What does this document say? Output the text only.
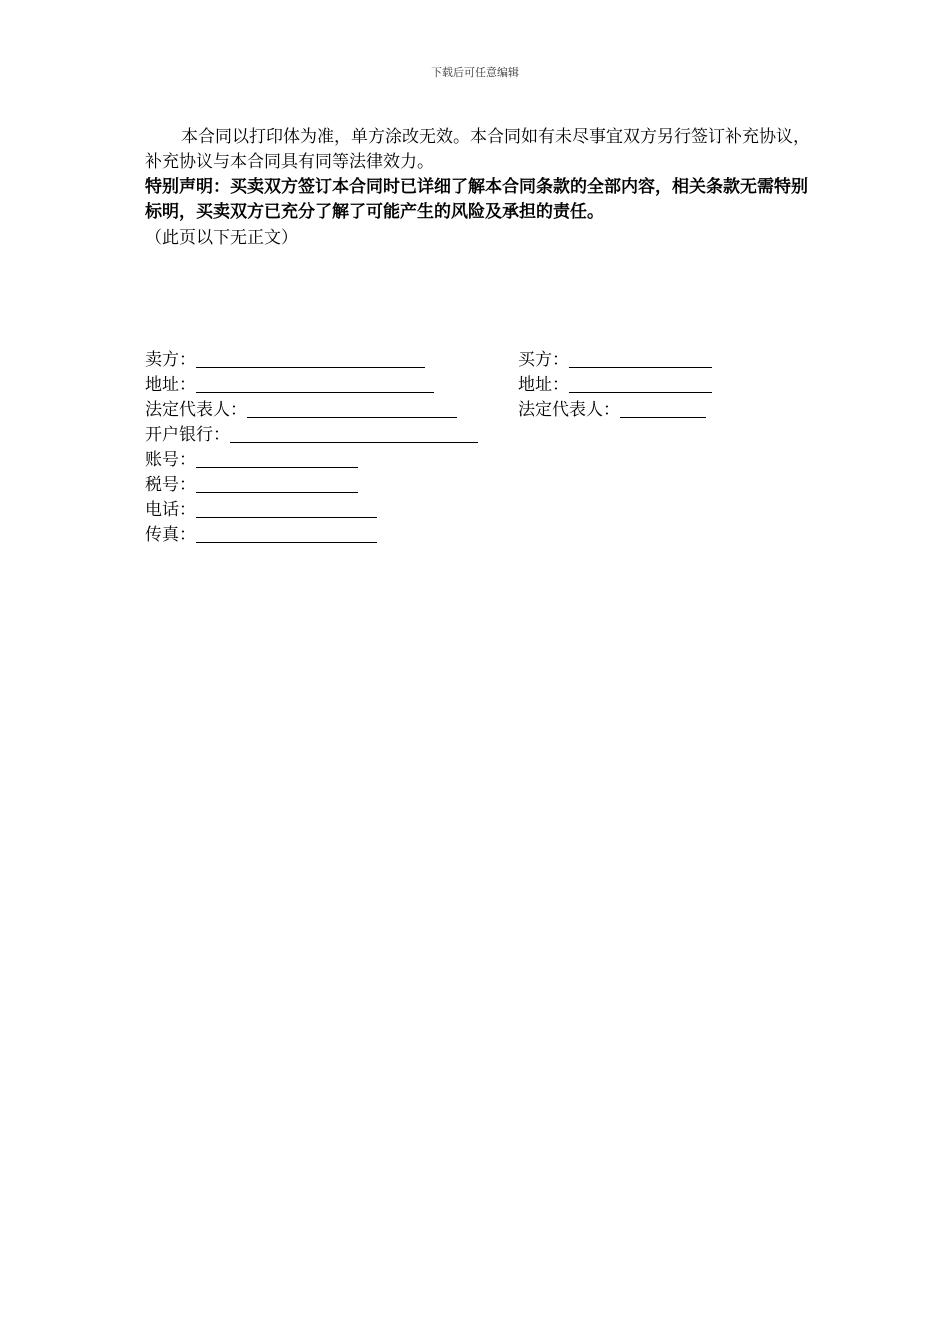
下载后可任意编辑
本合同以打印体为准，单方涂改无效。本合同如有未尽事宜双方另行签订补充协议，补充协议与本合同具有同等法律效力。
特别声明：买卖双方签订本合同时已详细了解本合同条款的全部内容，相关条款无需特别标明，买卖双方已充分了解了可能产生的风险及承担的责任。
（此页以下无正文）
卖方：
地址：
法定代表人：
开户银行：
账号：
税号：
电话：
传真：
买方：
地址：
法定代表人：
